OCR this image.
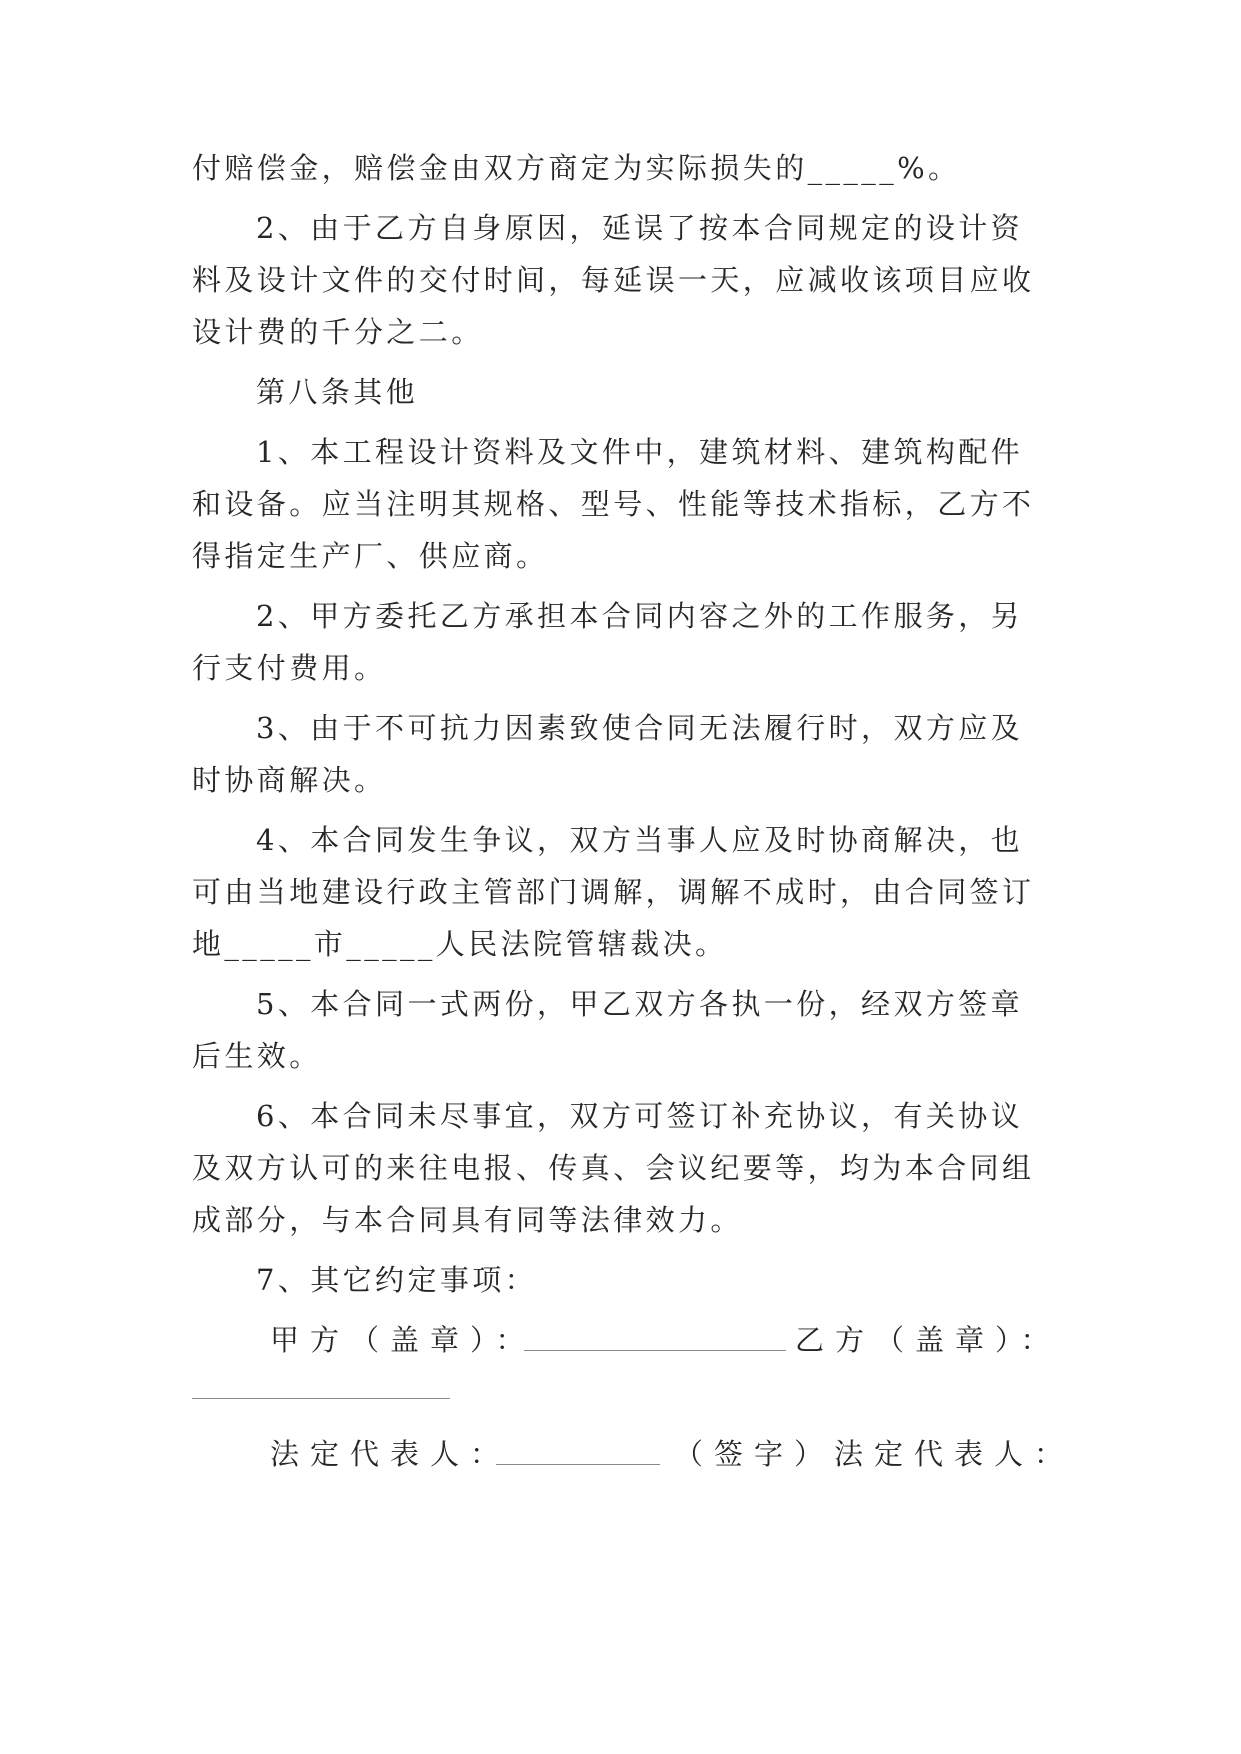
付赔偿金，赔偿金由双方商定为实际损失的_____%。
2、由于乙方自身原因，延误了按本合同规定的设计资
料及设计文件的交付时间，每延误一天，应减收该项目应收
设计费的千分之二。
第八条其他
1、本工程设计资料及文件中，建筑材料、建筑构配件
和设备。应当注明其规格、型号、性能等技术指标，乙方不
得指定生产厂、供应商。
2、甲方委托乙方承担本合同内容之外的工作服务，另
行支付费用。
3、由于不可抗力因素致使合同无法履行时，双方应及
时协商解决。
4、本合同发生争议，双方当事人应及时协商解决，也
可由当地建设行政主管部门调解，调解不成时，由合同签订
地_____市_____人民法院管辖裁决。
5、本合同一式两份，甲乙双方各执一份，经双方签章
后生效。
6、本合同未尽事宜，双方可签订补充协议，有关协议
及双方认可的来往电报、传真、会议纪要等，均为本合同组
成部分，与本合同具有同等法律效力。
7、其它约定事项：
甲方（盖章）：	乙方（盖章）：
法定代表人：	（签字）法定代表人：
